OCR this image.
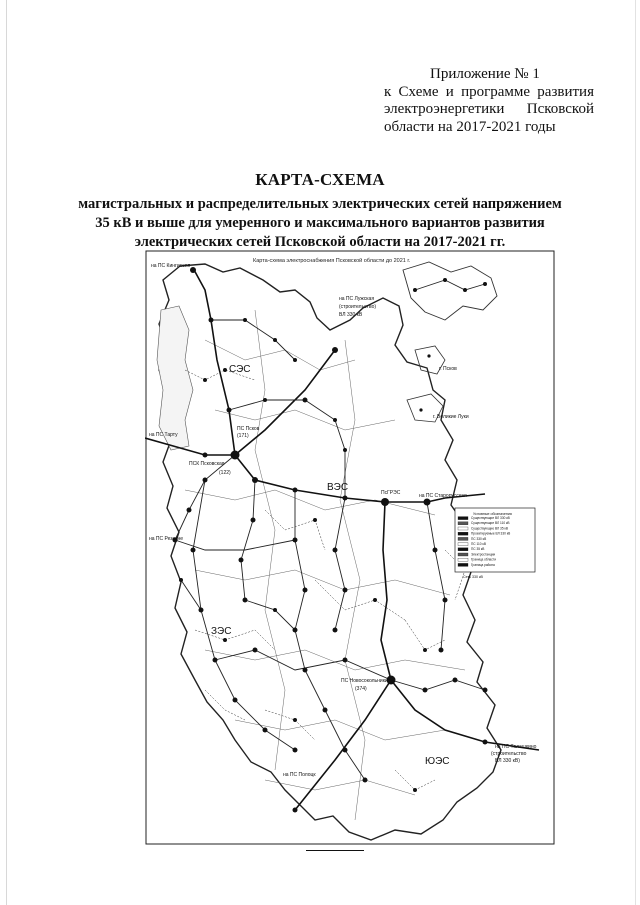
Приложение № 1
к Схеме и программе развития
электроэнергетики Псковской
области на 2017-2021 годы
КАРТА-СХЕМА
магистральных и распределительных электрических сетей напряжением
35 кВ и выше для умеренного и максимального вариантов развития
электрических сетей Псковской области на 2017-2021 гг.
Карта-схема электроснабжения Псковской области до 2021 г.
СЭС
ВЭС
ЗЭС
ЮЭС
на ПС Кингисепп
на ПС Лужская
(строительство)
ВЛ 330 кВ
на ПС Тарту
ПС Псков
(171)
ПСК Псковская
(122)
ПсГРЭС	на ПС Старорусская
на ПС Резекне
ПС Новосокольники
(374)
на ПС Полоцк
на ПС Талашкино
(строительство
ВЛ 330 кВ)
г. Великие Луки
г. Псков
Условные обозначения
Существующие ВЛ 330 кВ
Существующие ВЛ 110 кВ
Существующие ВЛ 35 кВ
Проектируемые ВЛ 330 кВ
ПС 330 кВ
ПС 110 кВ
ПС 35 кВ
Электростанции
Граница области
Граница района
Сеть 330 кВ
